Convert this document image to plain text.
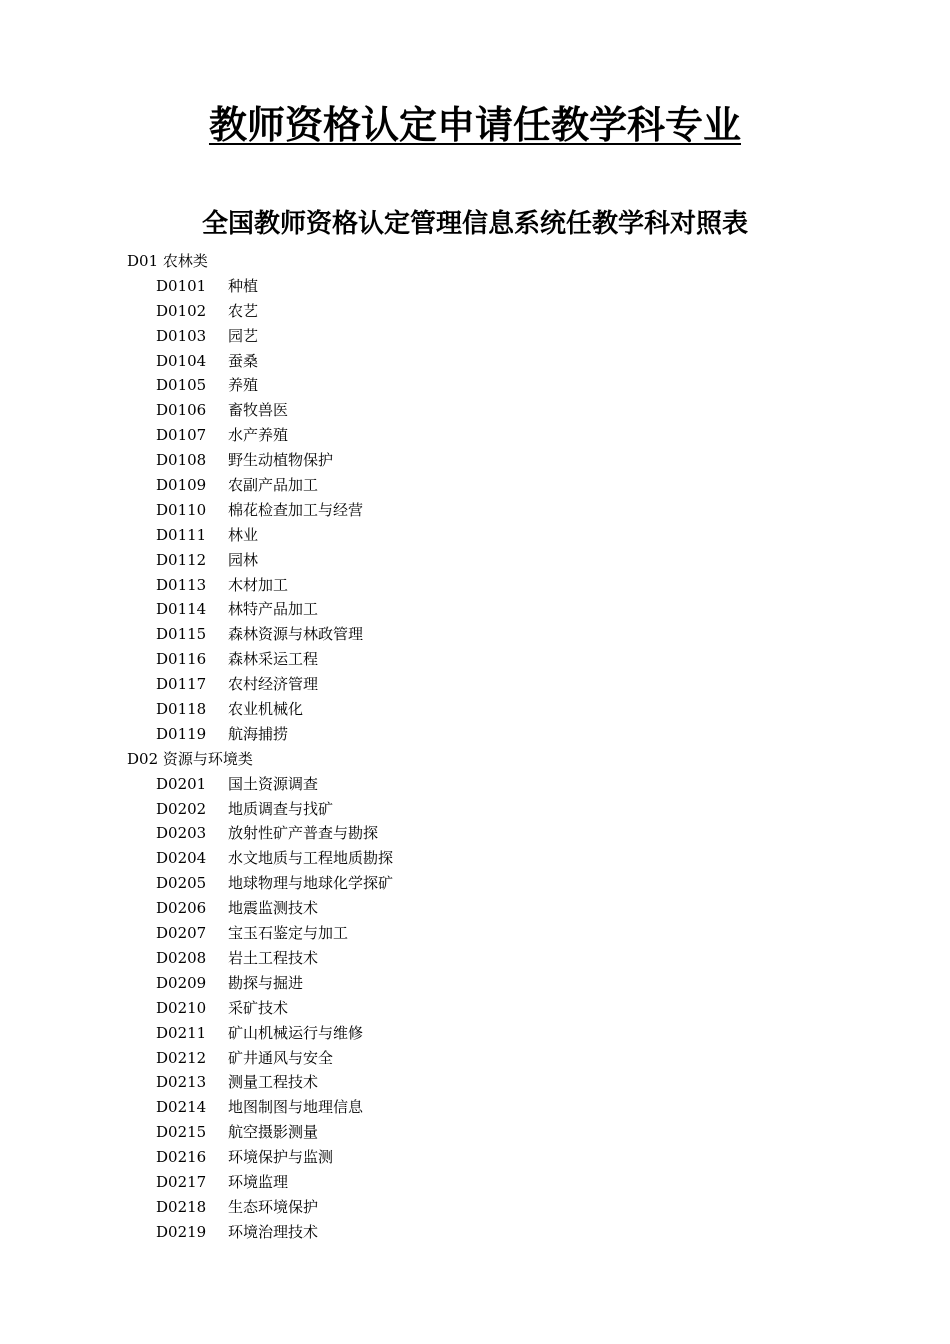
教师资格认定申请任教学科专业
全国教师资格认定管理信息系统任教学科对照表
D01 农林类
D0101 种植
D0102 农艺
D0103 园艺
D0104 蚕桑
D0105 养殖
D0106 畜牧兽医
D0107 水产养殖
D0108 野生动植物保护
D0109 农副产品加工
D0110 棉花检查加工与经营
D0111 林业
D0112 园林
D0113 木材加工
D0114 林特产品加工
D0115 森林资源与林政管理
D0116 森林采运工程
D0117 农村经济管理
D0118 农业机械化
D0119 航海捕捞
D02 资源与环境类
D0201 国土资源调查
D0202 地质调查与找矿
D0203 放射性矿产普查与勘探
D0204 水文地质与工程地质勘探
D0205 地球物理与地球化学探矿
D0206 地震监测技术
D0207 宝玉石鉴定与加工
D0208 岩土工程技术
D0209 勘探与掘进
D0210 采矿技术
D0211 矿山机械运行与维修
D0212 矿井通风与安全
D0213 测量工程技术
D0214 地图制图与地理信息
D0215 航空摄影测量
D0216 环境保护与监测
D0217 环境监理
D0218 生态环境保护
D0219 环境治理技术
